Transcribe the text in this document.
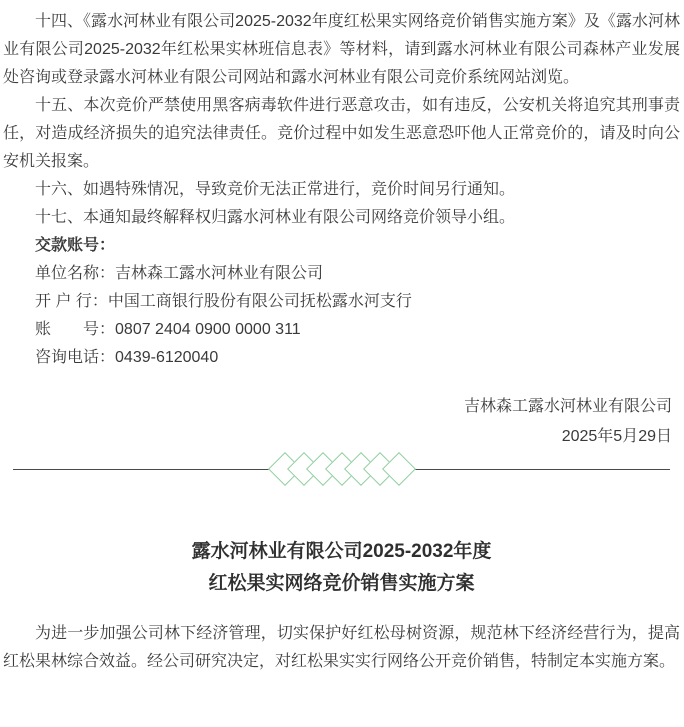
十四、《露水河林业有限公司2025-2032年度红松果实网络竞价销售实施方案》及《露水河林业有限公司2025-2032年红松果实林班信息表》等材料，请到露水河林业有限公司森林产业发展处咨询或登录露水河林业有限公司网站和露水河林业有限公司竞价系统网站浏览。

十五、本次竞价严禁使用黑客病毒软件进行恶意攻击，如有违反，公安机关将追究其刑事责任，对造成经济损失的追究法律责任。竞价过程中如发生恶意恐吓他人正常竞价的，请及时向公安机关报案。

十六、如遇特殊情况，导致竞价无法正常进行，竞价时间另行通知。

十七、本通知最终解释权归露水河林业有限公司网络竞价领导小组。

交款账号：
单位名称：吉林森工露水河林业有限公司
开 户 行：中国工商银行股份有限公司抚松露水河支行
账　　号：0807 2404 0900 0000 311
咨询电话：0439-6120040
吉林森工露水河林业有限公司
2025年5月29日
露水河林业有限公司2025-2032年度
红松果实网络竞价销售实施方案

为进一步加强公司林下经济管理，切实保护好红松母树资源，规范林下经济经营行为，提高红松果林综合效益。经公司研究决定，对红松果实实行网络公开竞价销售，特制定本实施方案。
